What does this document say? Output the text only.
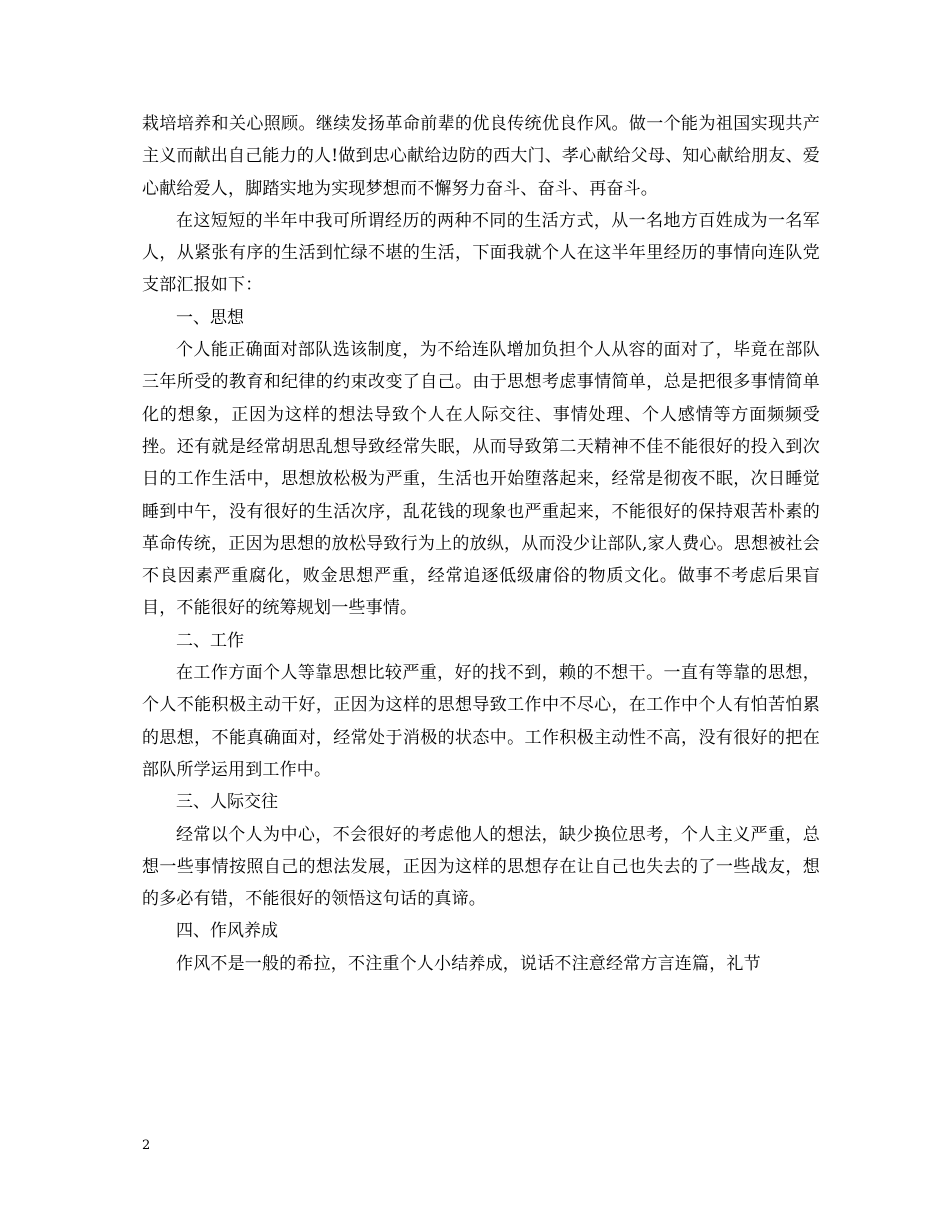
栽培培养和关心照顾。继续发扬革命前辈的优良传统优良作风。做一个能为祖国实现共产主义而献出自己能力的人!做到忠心献给边防的西大门、孝心献给父母、知心献给朋友、爱心献给爱人，脚踏实地为实现梦想而不懈努力奋斗、奋斗、再奋斗。

在这短短的半年中我可所谓经历的两种不同的生活方式，从一名地方百姓成为一名军人，从紧张有序的生活到忙绿不堪的生活，下面我就个人在这半年里经历的事情向连队党支部汇报如下：

一、思想

个人能正确面对部队选该制度，为不给连队增加负担个人从容的面对了，毕竟在部队三年所受的教育和纪律的约束改变了自己。由于思想考虑事情简单，总是把很多事情简单化的想象，正因为这样的想法导致个人在人际交往、事情处理、个人感情等方面频频受挫。还有就是经常胡思乱想导致经常失眠，从而导致第二天精神不佳不能很好的投入到次日的工作生活中，思想放松极为严重，生活也开始堕落起来，经常是彻夜不眠，次日睡觉睡到中午，没有很好的生活次序，乱花钱的现象也严重起来，不能很好的保持艰苦朴素的革命传统，正因为思想的放松导致行为上的放纵，从而没少让部队,家人费心。思想被社会不良因素严重腐化，败金思想严重，经常追逐低级庸俗的物质文化。做事不考虑后果盲目，不能很好的统筹规划一些事情。

二、工作

在工作方面个人等靠思想比较严重，好的找不到，赖的不想干。一直有等靠的思想，个人不能积极主动干好，正因为这样的思想导致工作中不尽心，在工作中个人有怕苦怕累的思想，不能真确面对，经常处于消极的状态中。工作积极主动性不高，没有很好的把在部队所学运用到工作中。

三、人际交往

经常以个人为中心，不会很好的考虑他人的想法，缺少换位思考，个人主义严重，总想一些事情按照自己的想法发展，正因为这样的思想存在让自己也失去的了一些战友，想的多必有错，不能很好的领悟这句话的真谛。

四、作风养成

作风不是一般的希拉，不注重个人小结养成，说话不注意经常方言连篇，礼节

2
